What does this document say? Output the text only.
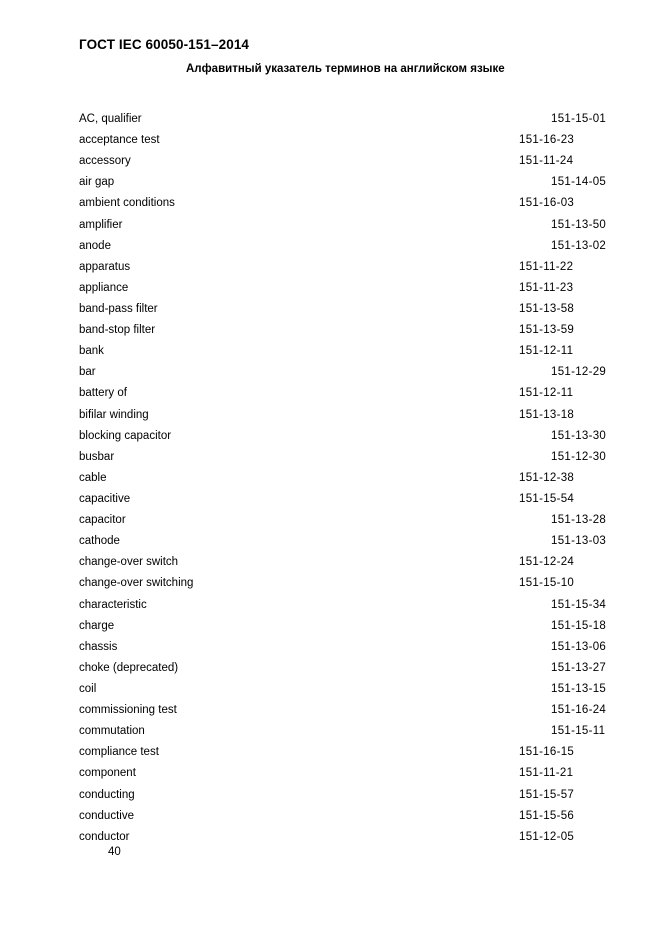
ГОСТ IEC 60050-151–2014
Алфавитный указатель терминов на английском языке
AC, qualifier	151-15-01
acceptance test	151-16-23
accessory	151-11-24
air gap	151-14-05
ambient conditions	151-16-03
amplifier	151-13-50
anode	151-13-02
apparatus	151-11-22
appliance	151-11-23
band-pass filter	151-13-58
band-stop filter	151-13-59
bank	151-12-11
bar	151-12-29
battery of	151-12-11
bifilar winding	151-13-18
blocking capacitor	151-13-30
busbar	151-12-30
cable	151-12-38
capacitive	151-15-54
capacitor	151-13-28
cathode	151-13-03
change-over switch	151-12-24
change-over switching	151-15-10
characteristic	151-15-34
charge	151-15-18
chassis	151-13-06
choke (deprecated)	151-13-27
coil	151-13-15
commissioning test	151-16-24
commutation	151-15-11
compliance test	151-16-15
component	151-11-21
conducting	151-15-57
conductive	151-15-56
conductor	151-12-05
40
